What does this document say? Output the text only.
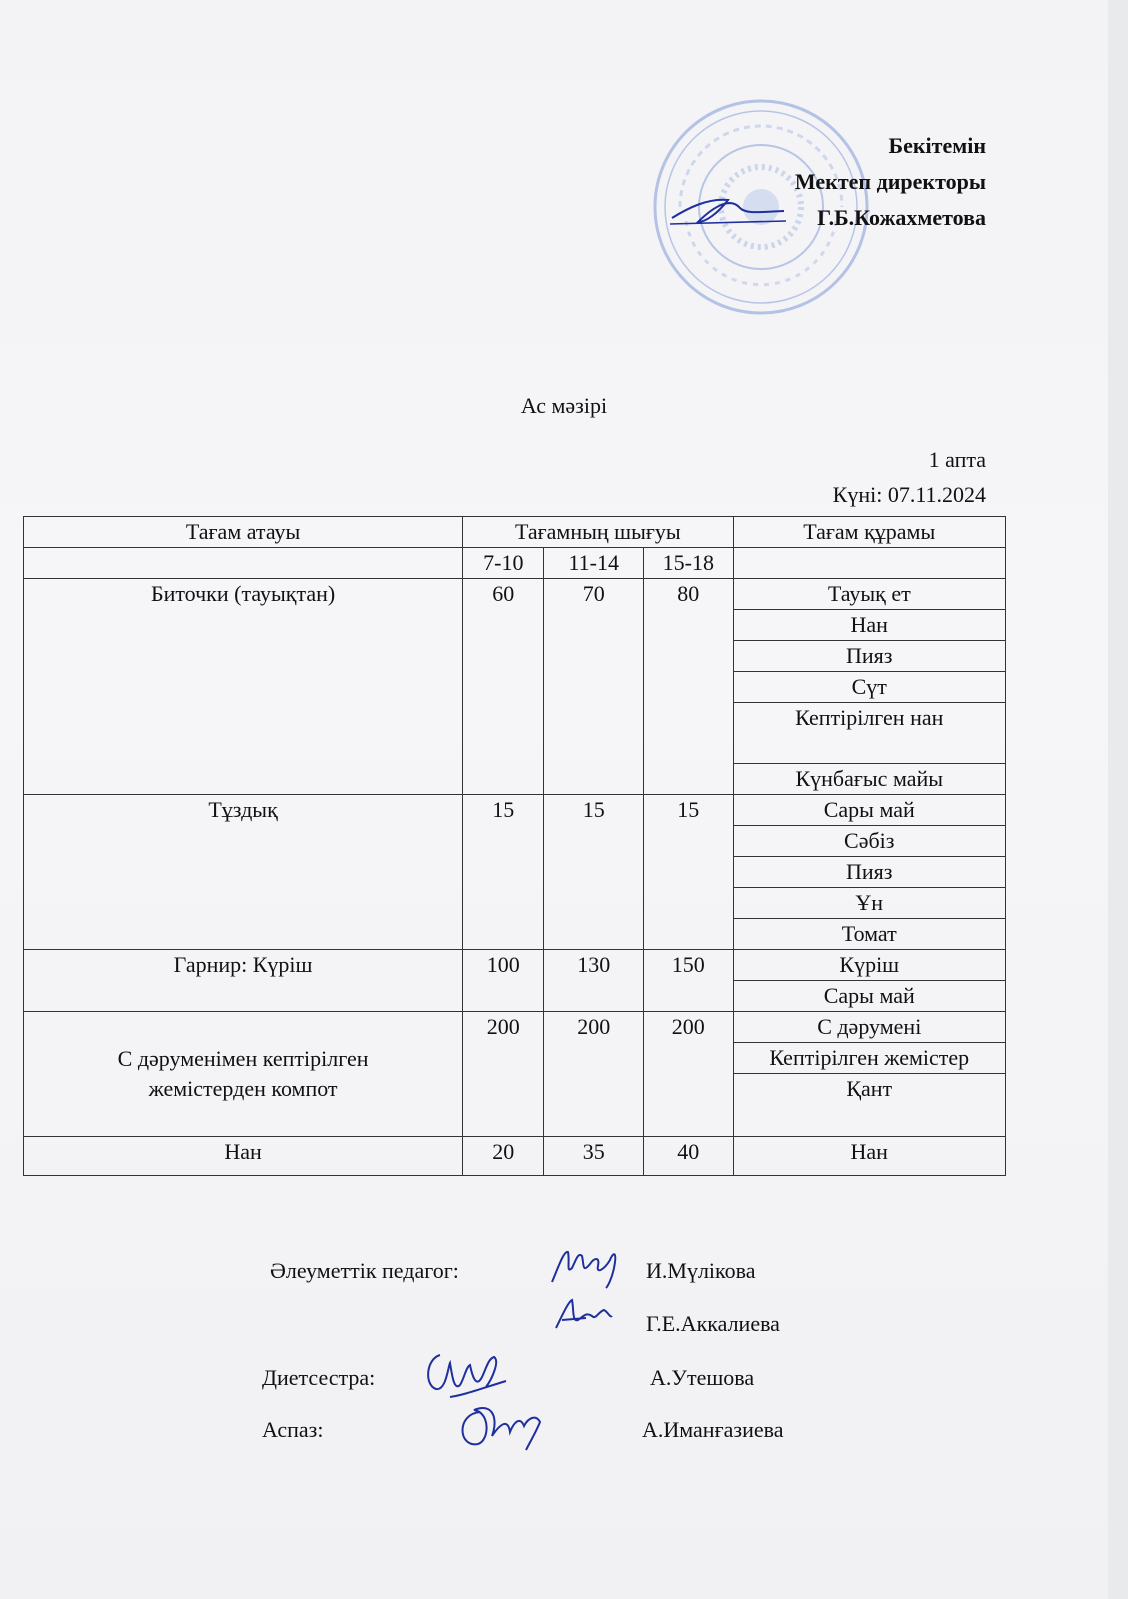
Бекітемін
Мектеп директоры
Г.Б.Кожахметова
Ас мәзірі
1 апта
Күні: 07.11.2024
Тағам атауы	Тағамның шығуы			Тағам құрамы
	7-10	11-14	15-18	
Биточки (тауықтан)	60	70	80	Тауық ет
				Нан
				Пияз
				Сүт
				Кептірілген нан
				Күнбағыс майы
Тұздық	15	15	15	Сары май
				Сәбіз
				Пияз
				Ұн
				Томат
Гарнир: Күріш	100	130	150	Күріш
				Сары май

С дәруменімен кептірілген
жемістерден компот	200	200	200	С дәрумені
				Кептірілген жемістер
				Қант
Нан	20	35	40	Нан
Әлеуметтік педагог:	И.Мүлікова
Г.Е.Аккалиева
Диетсестра:	А.Утешова
Аспаз:	А.Иманғазиева
